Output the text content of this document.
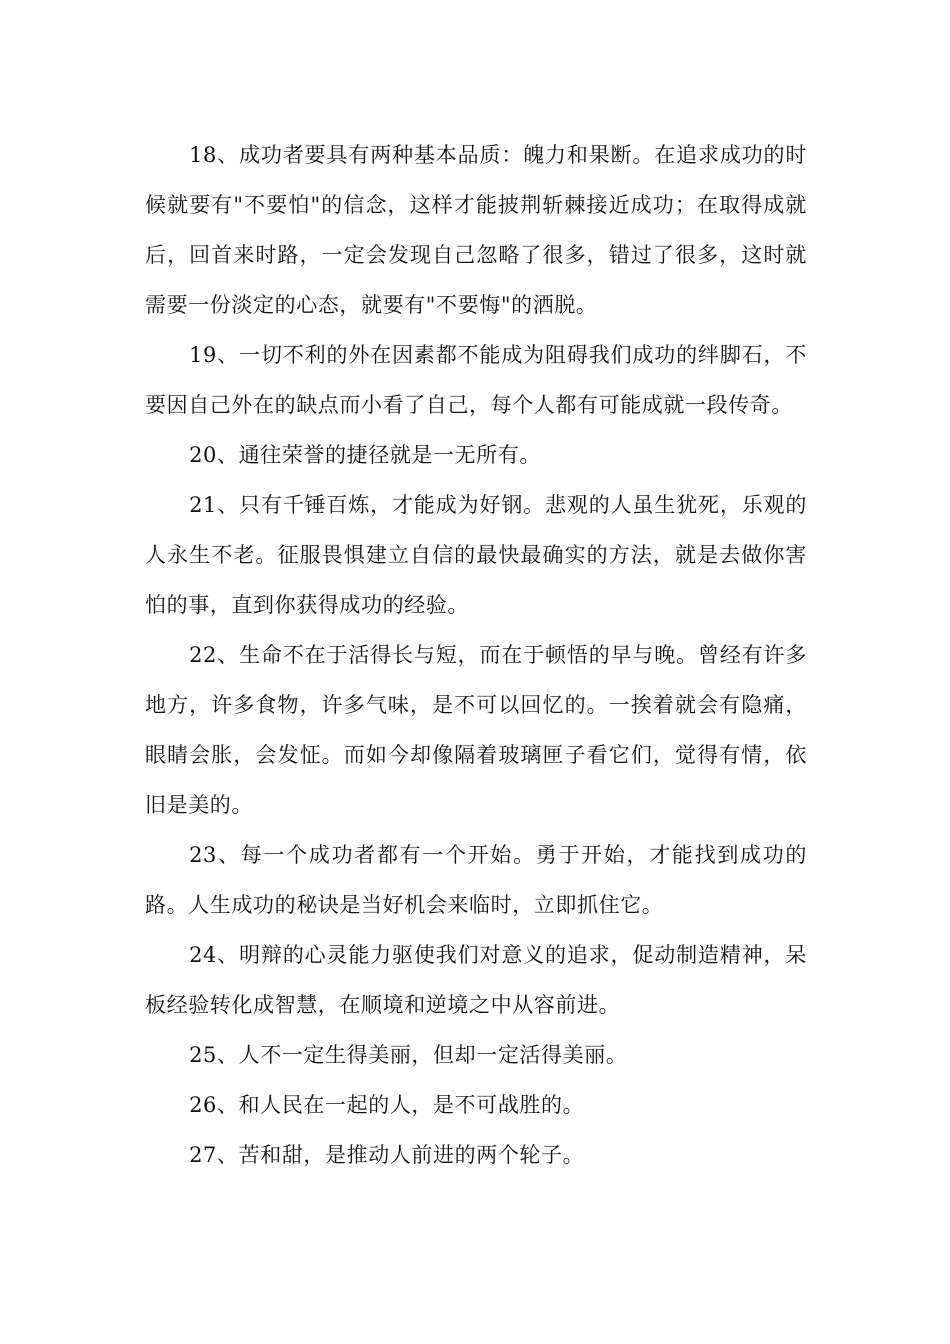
18、成功者要具有两种基本品质：魄力和果断。在追求成功的时候就要有"不要怕"的信念，这样才能披荆斩棘接近成功；在取得成就后，回首来时路，一定会发现自己忽略了很多，错过了很多，这时就需要一份淡定的心态，就要有"不要悔"的洒脱。

19、一切不利的外在因素都不能成为阻碍我们成功的绊脚石，不要因自己外在的缺点而小看了自己，每个人都有可能成就一段传奇。

20、通往荣誉的捷径就是一无所有。

21、只有千锤百炼，才能成为好钢。悲观的人虽生犹死，乐观的人永生不老。征服畏惧建立自信的最快最确实的方法，就是去做你害怕的事，直到你获得成功的经验。

22、生命不在于活得长与短，而在于顿悟的早与晚。曾经有许多地方，许多食物，许多气味，是不可以回忆的。一挨着就会有隐痛，眼睛会胀，会发怔。而如今却像隔着玻璃匣子看它们，觉得有情，依旧是美的。

23、每一个成功者都有一个开始。勇于开始，才能找到成功的路。人生成功的秘诀是当好机会来临时，立即抓住它。

24、明辩的心灵能力驱使我们对意义的追求，促动制造精神，呆板经验转化成智慧，在顺境和逆境之中从容前进。

25、人不一定生得美丽，但却一定活得美丽。

26、和人民在一起的人，是不可战胜的。

27、苦和甜，是推动人前进的两个轮子。
